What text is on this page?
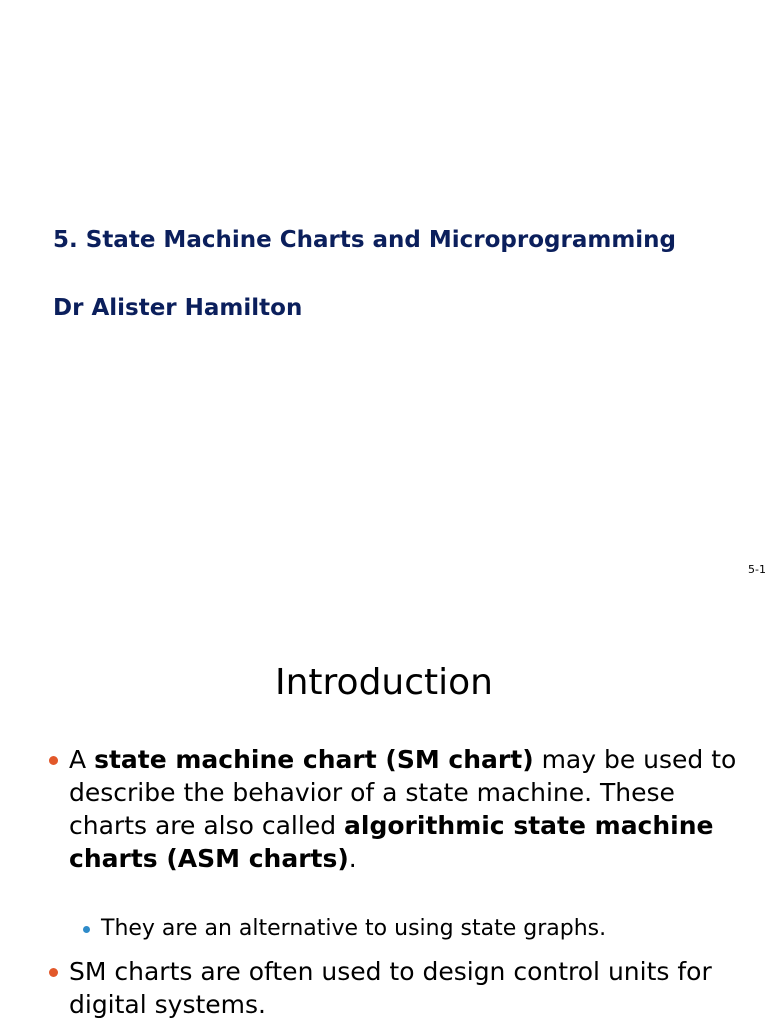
5. State Machine Charts and Microprogramming
Dr Alister Hamilton
5-1
Introduction
A state machine chart (SM chart) may be used to describe the behavior of a state machine. These charts are also called algorithmic state machine charts (ASM charts).
They are an alternative to using state graphs.
SM charts are often used to design control units for digital systems.
